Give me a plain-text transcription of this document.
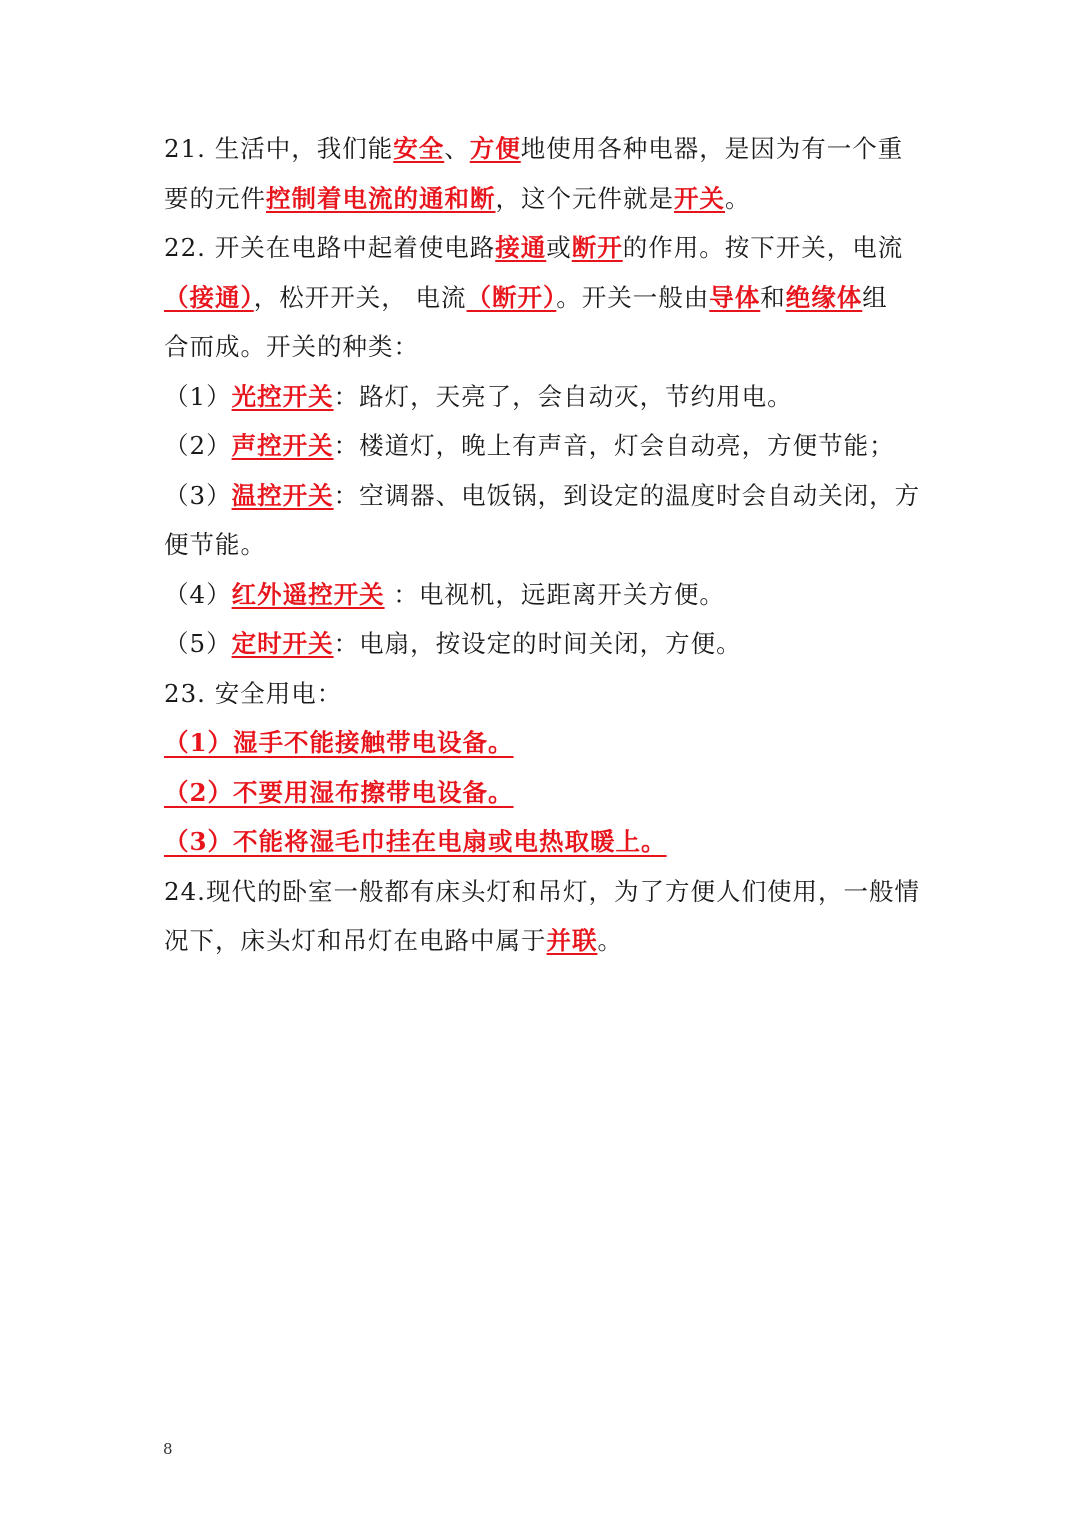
21. 生活中，我们能安全、方便地使用各种电器，是因为有一个重
要的元件控制着电流的通和断，这个元件就是开关。
22. 开关在电路中起着使电路接通或断开的作用。按下开关，电流
（接通），松开开关， 电流（断开）。开关一般由导体和绝缘体组
合而成。开关的种类：
（1）光控开关：路灯，天亮了，会自动灭，节约用电。
（2）声控开关：楼道灯，晚上有声音，灯会自动亮，方便节能；
（3）温控开关：空调器、电饭锅，到设定的温度时会自动关闭，方
便节能。
（4）红外遥控开关 ：电视机，远距离开关方便。
（5）定时开关：电扇，按设定的时间关闭，方便。
23. 安全用电：
（1）湿手不能接触带电设备。
（2）不要用湿布擦带电设备。
（3）不能将湿毛巾挂在电扇或电热取暖上。
24.现代的卧室一般都有床头灯和吊灯，为了方便人们使用，一般情
况下，床头灯和吊灯在电路中属于并联。
8
